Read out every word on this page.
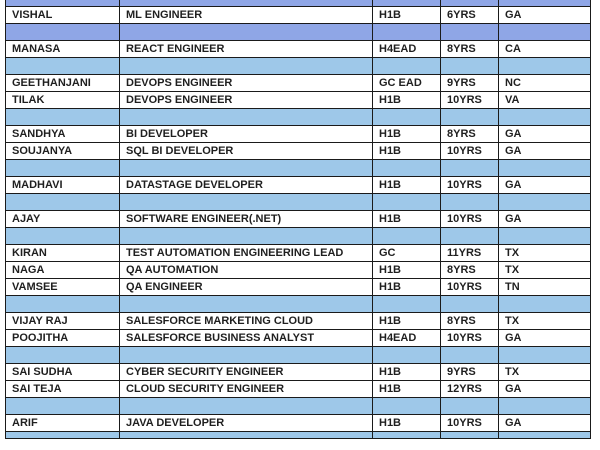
VISHAL	ML ENGINEER	H1B	6YRS	GA

MANASA	REACT ENGINEER	H4EAD	8YRS	CA

GEETHANJANI	DEVOPS ENGINEER	GC EAD	9YRS	NC
TILAK	DEVOPS ENGINEER	H1B	10YRS	VA

SANDHYA	BI DEVELOPER	H1B	8YRS	GA
SOUJANYA	SQL BI DEVELOPER	H1B	10YRS	GA

MADHAVI	DATASTAGE DEVELOPER	H1B	10YRS	GA

AJAY	SOFTWARE ENGINEER(.NET)	H1B	10YRS	GA

KIRAN	TEST AUTOMATION ENGINEERING LEAD	GC	11YRS	TX
NAGA	QA AUTOMATION	H1B	8YRS	TX
VAMSEE	QA ENGINEER	H1B	10YRS	TN

VIJAY RAJ	SALESFORCE MARKETING CLOUD	H1B	8YRS	TX
POOJITHA	SALESFORCE BUSINESS ANALYST	H4EAD	10YRS	GA

SAI SUDHA	CYBER SECURITY ENGINEER	H1B	9YRS	TX
SAI TEJA	CLOUD SECURITY ENGINEER	H1B	12YRS	GA

ARIF	JAVA DEVELOPER	H1B	10YRS	GA
